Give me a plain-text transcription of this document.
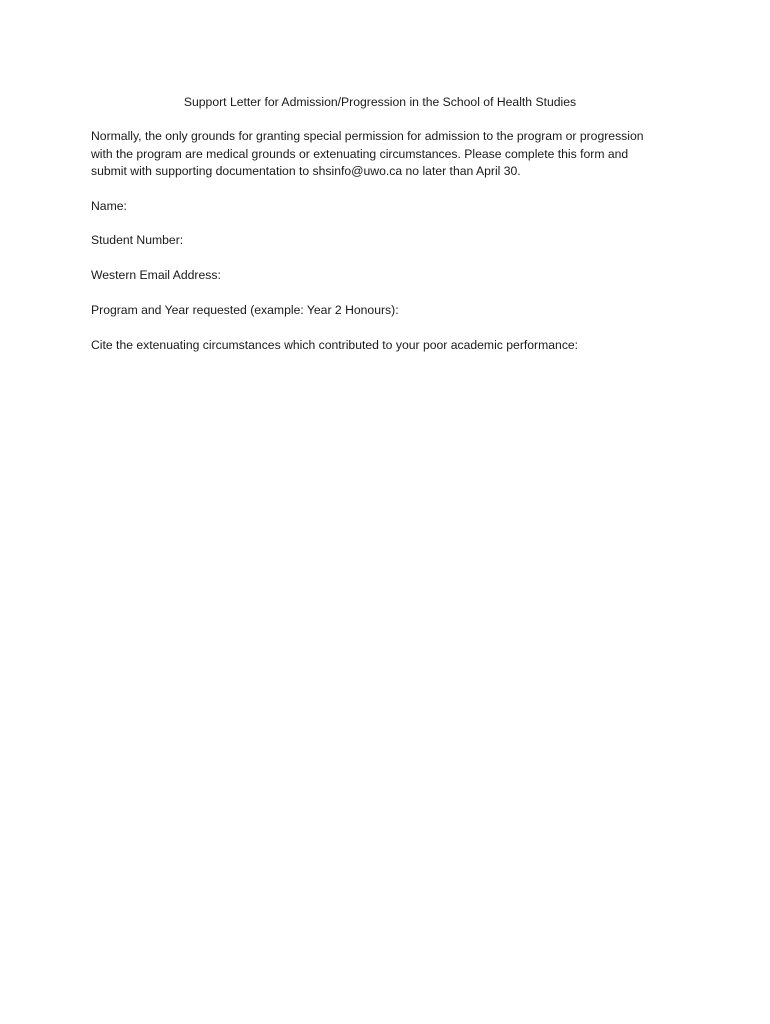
Support Letter for Admission/Progression in the School of Health Studies
Normally, the only grounds for granting special permission for admission to the program or progression
with the program are medical grounds or extenuating circumstances. Please complete this form and
submit with supporting documentation to shsinfo@uwo.ca no later than April 30.
Name:
Student Number:
Western Email Address:
Program and Year requested (example: Year 2 Honours):
Cite the extenuating circumstances which contributed to your poor academic performance:
